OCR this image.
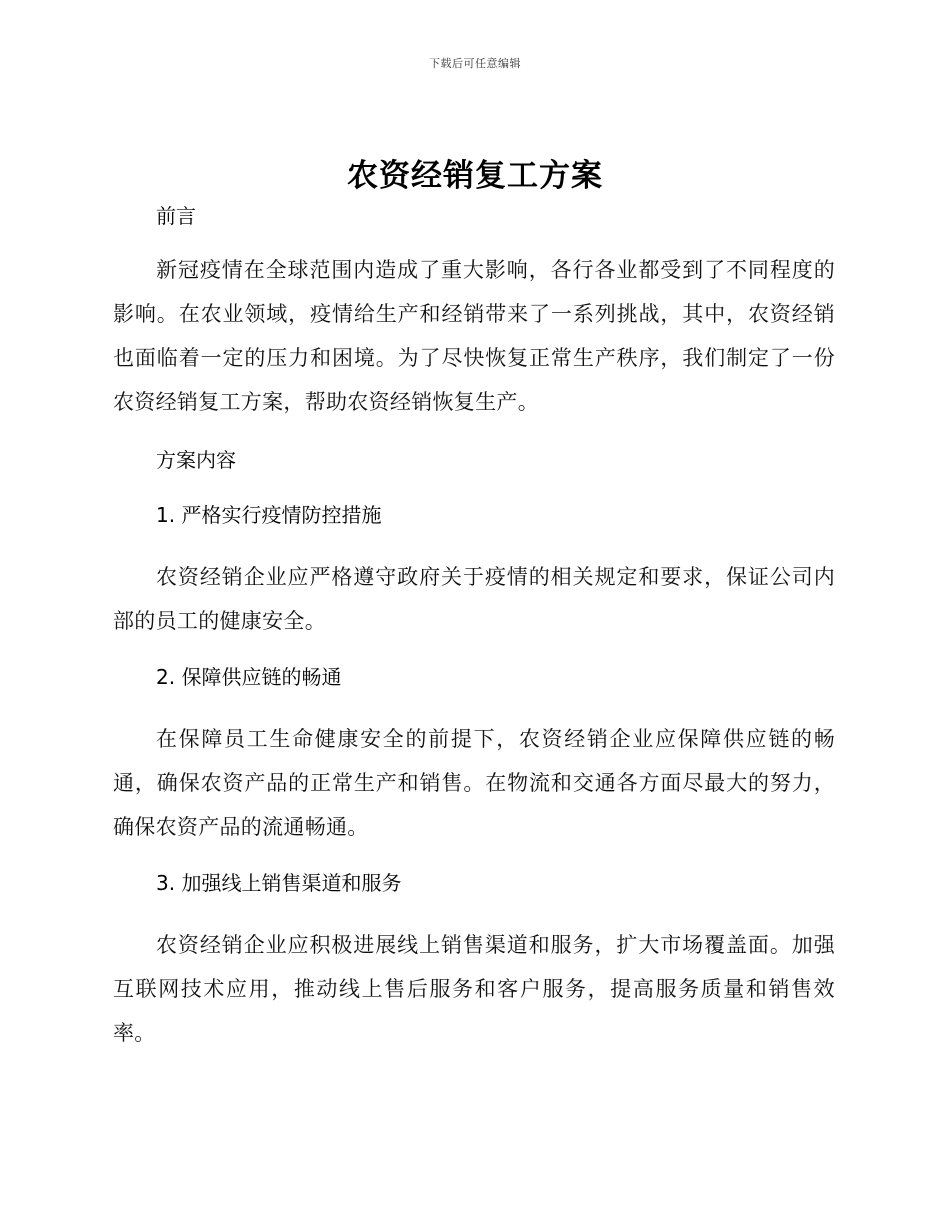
下载后可任意编辑
农资经销复工方案

前言

新冠疫情在全球范围内造成了重大影响，各行各业都受到了不同程度的影响。在农业领域，疫情给生产和经销带来了一系列挑战，其中，农资经销也面临着一定的压力和困境。为了尽快恢复正常生产秩序，我们制定了一份农资经销复工方案，帮助农资经销恢复生产。

方案内容

1. 严格实行疫情防控措施

农资经销企业应严格遵守政府关于疫情的相关规定和要求，保证公司内部的员工的健康安全。

2. 保障供应链的畅通

在保障员工生命健康安全的前提下，农资经销企业应保障供应链的畅通，确保农资产品的正常生产和销售。在物流和交通各方面尽最大的努力，确保农资产品的流通畅通。

3. 加强线上销售渠道和服务

农资经销企业应积极进展线上销售渠道和服务，扩大市场覆盖面。加强互联网技术应用，推动线上售后服务和客户服务，提高服务质量和销售效率。
